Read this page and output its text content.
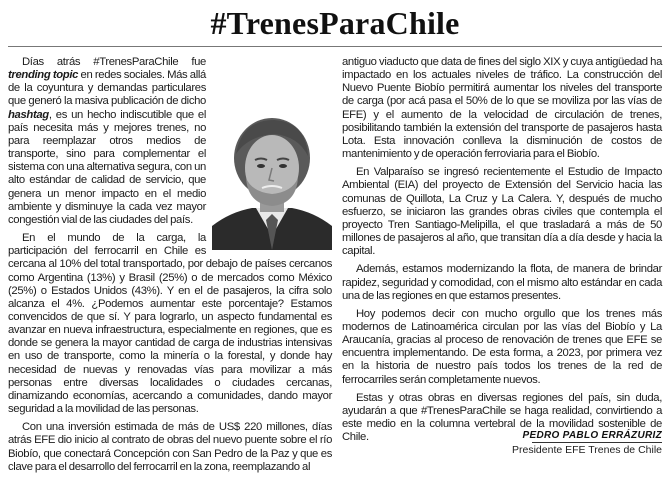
#TrenesParaChile

Días atrás #TrenesParaChile fue trending topic en redes sociales. Más allá de la coyuntura y demandas particulares que generó la masiva publicación de dicho hashtag, es un hecho indiscutible que el país necesita más y mejores trenes, no para reemplazar otros medios de transporte, sino para complementar el sistema con una alternativa segura, con un alto estándar de calidad de servicio, que genera un menor impacto en el medio ambiente y disminuye la cada vez mayor congestión vial de las ciudades del país.

En el mundo de la carga, la participación del ferrocarril en Chile es cercana al 10% del total transportado, por debajo de países cercanos como Argentina (13%) y Brasil (25%) o de mercados como México (25%) o Estados Unidos (43%). Y en el de pasajeros, la cifra solo alcanza el 4%. ¿Podemos aumentar este porcentaje? Estamos convencidos de que sí. Y para lograrlo, un aspecto fundamental es avanzar en nueva infraestructura, especialmente en regiones, que es donde se genera la mayor cantidad de carga de industrias intensivas en uso de transporte, como la minería o la forestal, y donde hay necesidad de nuevas y renovadas vías para movilizar a más personas entre diversas localidades o ciudades cercanas, dinamizando economías, acercando a comunidades, dando mayor seguridad a la movilidad de las personas.

Con una inversión estimada de más de US$ 220 millones, días atrás EFE dio inicio al contrato de obras del nuevo puente sobre el río Biobío, que conectará Concepción con San Pedro de la Paz y que es clave para el desarrollo del ferrocarril en la zona, reemplazando al

antiguo viaducto que data de fines del siglo XIX y cuya antigüedad ha impactado en los actuales niveles de tráfico. La construcción del Nuevo Puente Biobío permitirá aumentar los niveles del transporte de carga (por acá pasa el 50% de lo que se moviliza por las vías de EFE) y el aumento de la velocidad de circulación de trenes, posibilitando también la extensión del transporte de pasajeros hasta Lota. Esta innovación conlleva la disminución de costos de mantenimiento y de operación ferroviaria para el Biobío.

En Valparaíso se ingresó recientemente el Estudio de Impacto Ambiental (EIA) del proyecto de Extensión del Servicio hacia las comunas de Quillota, La Cruz y La Calera. Y, después de mucho esfuerzo, se iniciaron las grandes obras civiles que contempla el proyecto Tren Santiago-Melipilla, el que trasladará a más de 50 millones de pasajeros al año, que transitan día a día desde y hacia la capital.

Además, estamos modernizando la flota, de manera de brindar rapidez, seguridad y comodidad, con el mismo alto estándar en cada una de las regiones en que estamos presentes.

Hoy podemos decir con mucho orgullo que los trenes más modernos de Latinoamérica circulan por las vías del Biobío y La Araucanía, gracias al proceso de renovación de trenes que EFE se encuentra implementando. De esta forma, a 2023, por primera vez en la historia de nuestro país todos los trenes de la red de ferrocarriles serán completamente nuevos.

Estas y otras obras en diversas regiones del país, sin duda, ayudarán a que #TrenesParaChile se haga realidad, convirtiendo a este medio en la columna vertebral de la movilidad sostenible de Chile.	PEDRO PABLO ERRÁZURIZ
Presidente EFE Trenes de Chile
